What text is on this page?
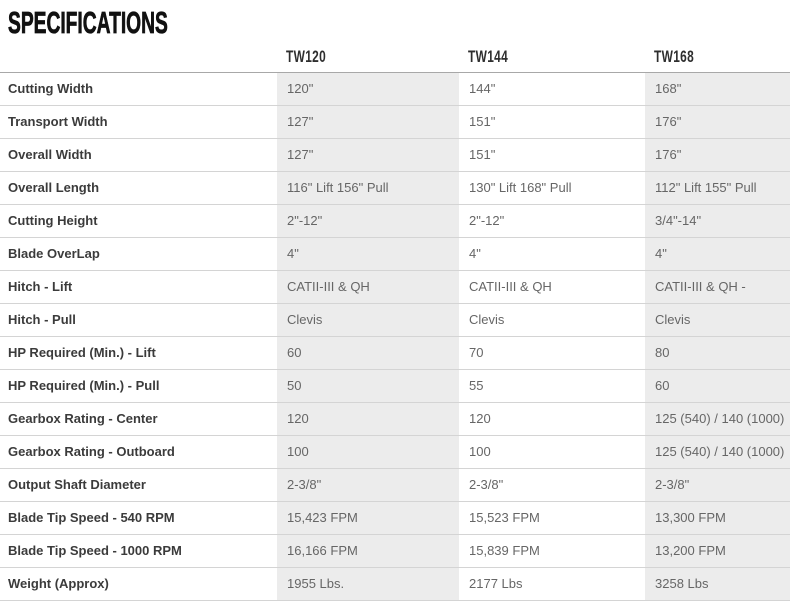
SPECIFICATIONS
	TW120	TW144	TW168
Cutting Width	120"	144"	168"
Transport Width	127"	151"	176"
Overall Width	127"	151"	176"
Overall Length	116" Lift 156" Pull	130" Lift 168" Pull	112" Lift 155" Pull
Cutting Height	2"-12"	2"-12"	3/4"-14"
Blade OverLap	4"	4"	4"
Hitch - Lift	CATII-III & QH	CATII-III & QH	CATII-III & QH -
Hitch - Pull	Clevis	Clevis	Clevis
HP Required (Min.) - Lift	60	70	80
HP Required (Min.) - Pull	50	55	60
Gearbox Rating - Center	120	120	125 (540) / 140 (1000)
Gearbox Rating - Outboard	100	100	125 (540) / 140 (1000)
Output Shaft Diameter	2-3/8"	2-3/8"	2-3/8"
Blade Tip Speed - 540 RPM	15,423 FPM	15,523 FPM	13,300 FPM
Blade Tip Speed - 1000 RPM	16,166 FPM	15,839 FPM	13,200 FPM
Weight (Approx)	1955 Lbs.	2177 Lbs	3258 Lbs
